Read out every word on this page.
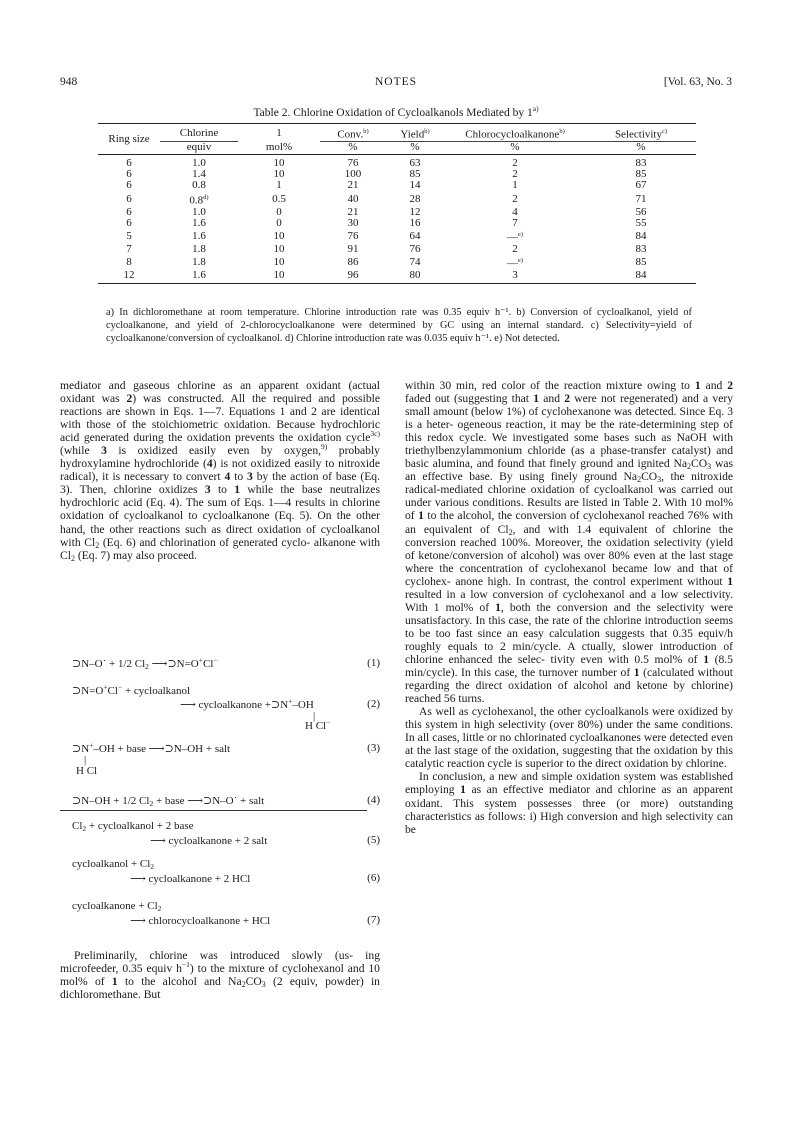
948	NOTES	[Vol. 63, No. 3
Table 2. Chlorine Oxidation of Cycloalkanols Mediated by 1$^{a)}$
Ring size	Chlorine	1	Conv.$^{b)}$	Yield$^{b)}$	Chlorocycloalkanone$^{b)}$	Selectivity$^{c)}$
	equiv	mol%	%	%	%	%
6	1.0	10	76	63	2	83
6	1.4	10	100	85	2	85
6	0.8	1	21	14	1	67
6	0.8$^{d)}$	0.5	40	28	2	71
6	1.0	0	21	12	4	56
6	1.6	0	30	16	7	55
5	1.6	10	76	64	—$^{e)}$	84
7	1.8	10	91	76	2	83
8	1.8	10	86	74	—$^{e)}$	85
12	1.6	10	96	80	3	84
a) In dichloromethane at room temperature. Chlorine introduction rate was 0.35 equiv h⁻¹. b) Conversion of cycloalkanol, yield of cycloalkanone, and yield of 2-chlorocycloalkanone were determined by GC using an internal standard. c) Selectivity=yield of cycloalkanone/conversion of cycloalkanol. d) Chlorine introduction rate was 0.035 equiv h⁻¹. e) Not detected.

mediator and gaseous chlorine as an apparent oxidant (actual oxidant was 2) was constructed. All the required and possible reactions are shown in Eqs. 1—7. Equations 1 and 2 are identical with those of the stoichiometric oxidation. Because hydrochloric acid generated during the oxidation prevents the oxidation cycle$^{3c)}$ (while 3 is oxidized easily even by oxygen,$^{9)}$ probably hydroxylamine hydrochloride (4) is not oxidized easily to nitroxide radical), it is necessary to convert 4 to 3 by the action of base (Eq. 3). Then, chlorine oxidizes 3 to 1 while the base neutralizes hydrochloric acid (Eq. 4). The sum of Eqs. 1—4 results in chlorine oxidation of cycloalkanol to cycloalkanone (Eq. 5). On the other hand, the other reactions such as direct oxidation of cycloalkanol with $Cl_2$ (Eq. 6) and chlorination of generated cyclo- alkanone with $Cl_2$ (Eq. 7) may also proceed.

⊃N–O˙ + 1/2 $Cl_2$ ⟶⊃N=O+Cl−	(1)
⊃N=O+Cl− + cycloalkanol
⟶ cycloalkanone +⊃N+–OH	(2)
|
H Cl−
⊃N+–OH + base ⟶⊃N–OH + salt	(3)
|
H Cl
⊃N–OH + 1/2 $Cl_2$ + base ⟶⊃N–O˙ + salt	(4)
$Cl_2$ + cycloalkanol + 2 base
⟶ cycloalkanone + 2 salt	(5)
cycloalkanol + $Cl_2$
⟶ cycloalkanone + 2 HCl	(6)
cycloalkanone + $Cl_2$
⟶ chlorocycloalkanone + HCl	(7)

Preliminarily, chlorine was introduced slowly (us- ing microfeeder, 0.35 equiv $h^{-1}$) to the mixture of cyclohexanol and 10 mol% of 1 to the alcohol and $Na_2CO_3$ (2 equiv, powder) in dichloromethane. But

within 30 min, red color of the reaction mixture owing to 1 and 2 faded out (suggesting that 1 and 2 were not regenerated) and a very small amount (below 1%) of cyclohexanone was detected. Since Eq. 3 is a heter- ogeneous reaction, it may be the rate-determining step of this redox cycle. We investigated some bases such as NaOH with triethylbenzylammonium chloride (as a phase-transfer catalyst) and basic alumina, and found that finely ground and ignited $Na_2CO_3$ was an effective base. By using finely ground $Na_2CO_3$, the nitroxide radical-mediated chlorine oxidation of cycloalkanol was carried out under various conditions. Results are listed in Table 2. With 10 mol% of 1 to the alcohol, the conversion of cyclohexanol reached 76% with an equivalent of $Cl_2$, and with 1.4 equivalent of chlorine the conversion reached 100%. Moreover, the oxidation selectivity (yield of ketone/conversion of alcohol) was over 80% even at the last stage where the concentration of cyclohexanol became low and that of cyclohex- anone high. In contrast, the control experiment without 1 resulted in a low conversion of cyclohexanol and a low selectivity. With 1 mol% of 1, both the conversion and the selectivity were unsatisfactory. In this case, the rate of the chlorine introduction seems to be too fast since an easy calculation suggests that 0.35 equiv/h roughly equals to 2 min/cycle. A ctually, slower introduction of chlorine enhanced the selec- tivity even with 0.5 mol% of 1 (8.5 min/cycle). In this case, the turnover number of 1 (calculated without regarding the direct oxidation of alcohol and ketone by chlorine) reached 56 turns.

As well as cyclohexanol, the other cycloalkanols were oxidized by this system in high selectivity (over 80%) under the same conditions. In all cases, little or no chlorinated cycloalkanones were detected even at the last stage of the oxidation, suggesting that the oxidation by this catalytic reaction cycle is superior to the direct oxidation by chlorine.

In conclusion, a new and simple oxidation system was established employing 1 as an effective mediator and chlorine as an apparent oxidant. This system possesses three (or more) outstanding characteristics as follows: i) High conversion and high selectivity can be
